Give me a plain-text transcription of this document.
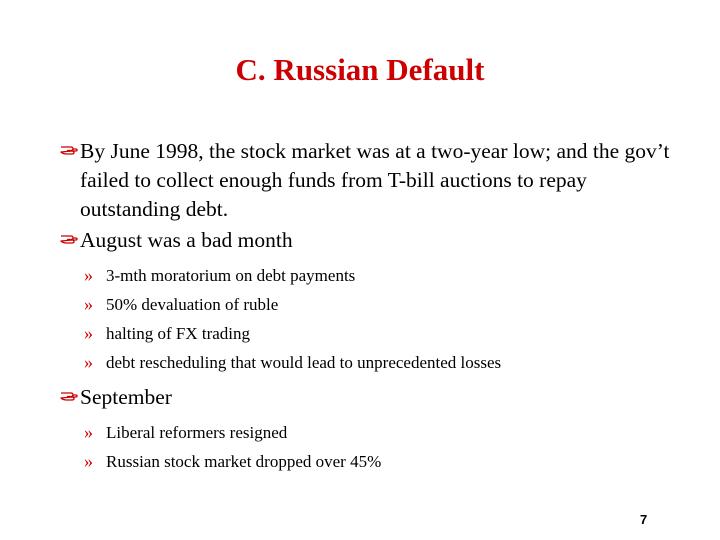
C. Russian Default
By June 1998, the stock market was at a two-year low; and the gov’t failed to collect enough funds from T-bill auctions to repay outstanding debt.
August was a bad month
» 3-mth moratorium on debt payments
» 50% devaluation of ruble
» halting of FX trading
» debt rescheduling that would lead to unprecedented losses
September
» Liberal reformers resigned
» Russian stock market dropped over 45%
7
